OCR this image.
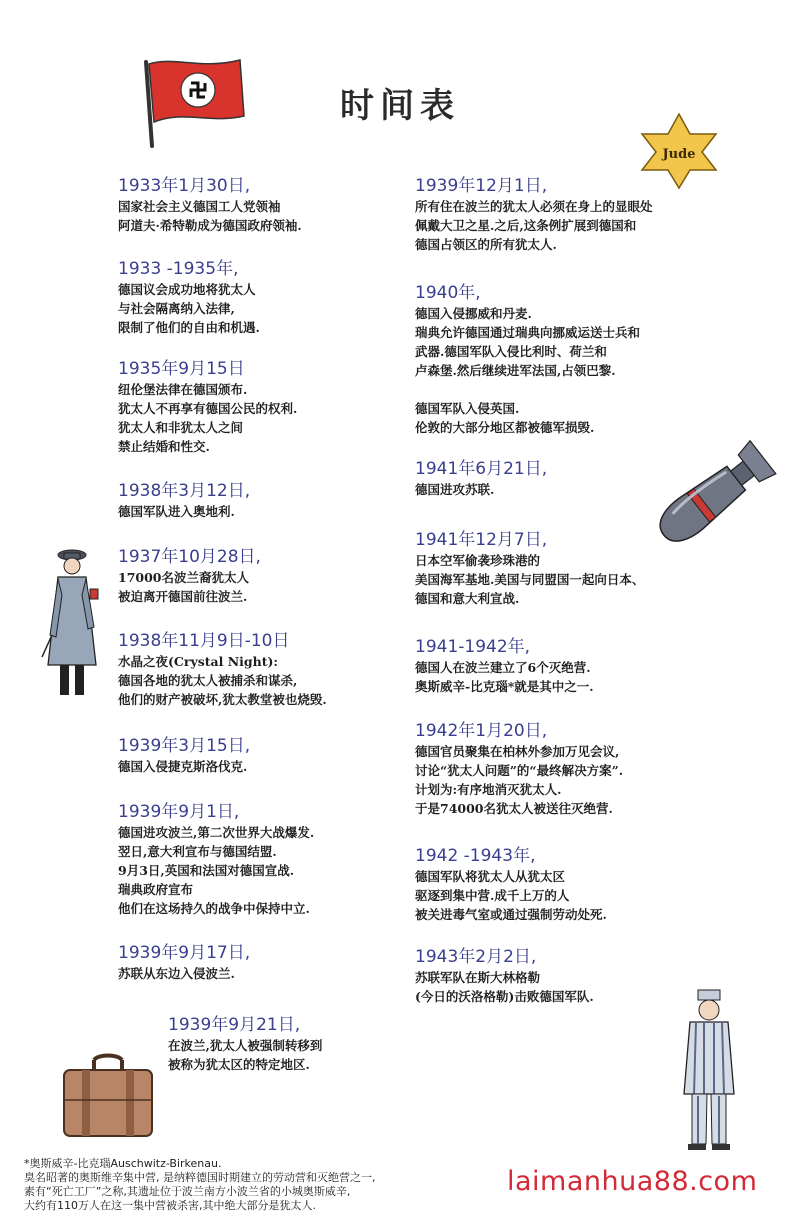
时间表
Jude
1933年1月30日,
国家社会主义德国工人党领袖
阿道夫·希特勒成为德国政府领袖.
1933 -1935年,
德国议会成功地将犹太人
与社会隔离纳入法律,
限制了他们的自由和机遇.
1935年9月15日
纽伦堡法律在德国颁布.
犹太人不再享有德国公民的权利.
犹太人和非犹太人之间
禁止结婚和性交.
1938年3月12日,
德国军队进入奥地利.
1937年10月28日,
17000名波兰裔犹太人
被迫离开德国前往波兰.
1938年11月9日-10日
水晶之夜(Crystal Night):
德国各地的犹太人被捕杀和谋杀,
他们的财产被破坏,犹太教堂被也烧毁.
1939年3月15日,
德国入侵捷克斯洛伐克.
1939年9月1日,
德国进攻波兰,第二次世界大战爆发.
翌日,意大利宣布与德国结盟.
9月3日,英国和法国对德国宣战.
瑞典政府宣布
他们在这场持久的战争中保持中立.
1939年9月17日,
苏联从东边入侵波兰.
1939年9月21日,
在波兰,犹太人被强制转移到
被称为犹太区的特定地区.
1939年12月1日,
所有住在波兰的犹太人必须在身上的显眼处
佩戴大卫之星.之后,这条例扩展到德国和
德国占领区的所有犹太人.
1940年,
德国入侵挪威和丹麦.
瑞典允许德国通过瑞典向挪威运送士兵和
武器.德国军队入侵比利时、荷兰和
卢森堡.然后继续进军法国,占领巴黎.

德国军队入侵英国.
伦敦的大部分地区都被德军损毁.
1941年6月21日,
德国进攻苏联.
1941年12月7日,
日本空军偷袭珍珠港的
美国海军基地.美国与同盟国一起向日本、
德国和意大利宣战.
1941-1942年,
德国人在波兰建立了6个灭绝营.
奥斯威辛-比克瑙*就是其中之一.
1942年1月20日,
德国官员聚集在柏林外参加万见会议,
讨论“犹太人问题”的“最终解决方案”.
计划为:有序地消灭犹太人.
于是74000名犹太人被送往灭绝营.
1942 -1943年,
德国军队将犹太人从犹太区
驱逐到集中营.成千上万的人
被关进毒气室或通过强制劳动处死.
1943年2月2日,
苏联军队在斯大林格勒
(今日的沃洛格勒)击败德国军队.
*奥斯威辛-比克瑙Auschwitz-Birkenau.
臭名昭著的奥斯维辛集中营, 是纳粹德国时期建立的劳动营和灭绝营之一,
素有“死亡工厂”之称,其遗址位于波兰南方小波兰省的小城奥斯威辛,
大约有110万人在这一集中营被杀害,其中绝大部分是犹太人.
laimanhua88.com
